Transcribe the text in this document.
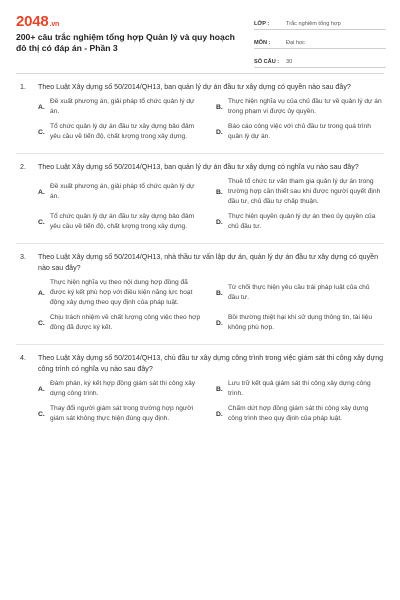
2048.vn
200+ câu trắc nghiệm tổng hợp Quản lý và quy hoạch đô thị có đáp án - Phần 3
LỚP :	Trắc nghiệm tổng hợp
MÔN :	Đại học
SỐ CÂU :	30
1.	Theo Luật Xây dựng số 50/2014/QH13, ban quản lý dự án đầu tư xây dựng có quyền nào sau đây?
A.
Đề xuất phương án, giải pháp tổ chức quản lý dự án.
B.
Thực hiện nghĩa vụ của chủ đầu tư về quản lý dự án trong phạm vi được ủy quyền.
C.
Tổ chức quản lý dự án đầu tư xây dựng bảo đảm yêu cầu về tiến độ, chất lượng trong xây dựng.
D.
Báo cáo công việc với chủ đầu tư trong quá trình quản lý dự án.
2.	Theo Luật Xây dựng số 50/2014/QH13, ban quản lý dự án đầu tư xây dựng có nghĩa vụ nào sau đây?
A.
Đề xuất phương án, giải pháp tổ chức quản lý dự án.
B.
Thuê tổ chức tư vấn tham gia quản lý dự án trong trường hợp cần thiết sau khi được người quyết định đầu tư, chủ đầu tư chấp thuận.
C.
Tổ chức quản lý dự án đầu tư xây dựng bảo đảm yêu cầu về tiến độ, chất lượng trong xây dựng.
D.
Thực hiện quyền quản lý dự án theo ủy quyền của chủ đầu tư.
3.	Theo Luật Xây dựng số 50/2014/QH13, nhà thầu tư vấn lập dự án, quản lý dự án đầu tư xây dựng có quyền nào sau đây?
A.
Thực hiện nghĩa vụ theo nội dung hợp đồng đã được ký kết phù hợp với điều kiện năng lực hoạt động xây dựng theo quy định của pháp luật.
B.
Từ chối thực hiện yêu cầu trái pháp luật của chủ đầu tư.
C.
Chịu trách nhiệm về chất lượng công việc theo hợp đồng đã được ký kết.
D.
Bồi thường thiệt hại khi sử dụng thông tin, tài liệu không phù hợp.
4.	Theo Luật Xây dựng số 50/2014/QH13, chủ đầu tư xây dựng công trình trong việc giám sát thi công xây dựng công trình có nghĩa vụ nào sau đây?
A.
Đàm phán, ký kết hợp đồng giám sát thi công xây dựng công trình.
B.
Lưu trữ kết quả giám sát thi công xây dựng công trình.
C.
Thay đổi người giám sát trong trường hợp người giám sát không thực hiện đúng quy định.
D.
Chấm dứt hợp đồng giám sát thi công xây dựng công trình theo quy định của pháp luật.
